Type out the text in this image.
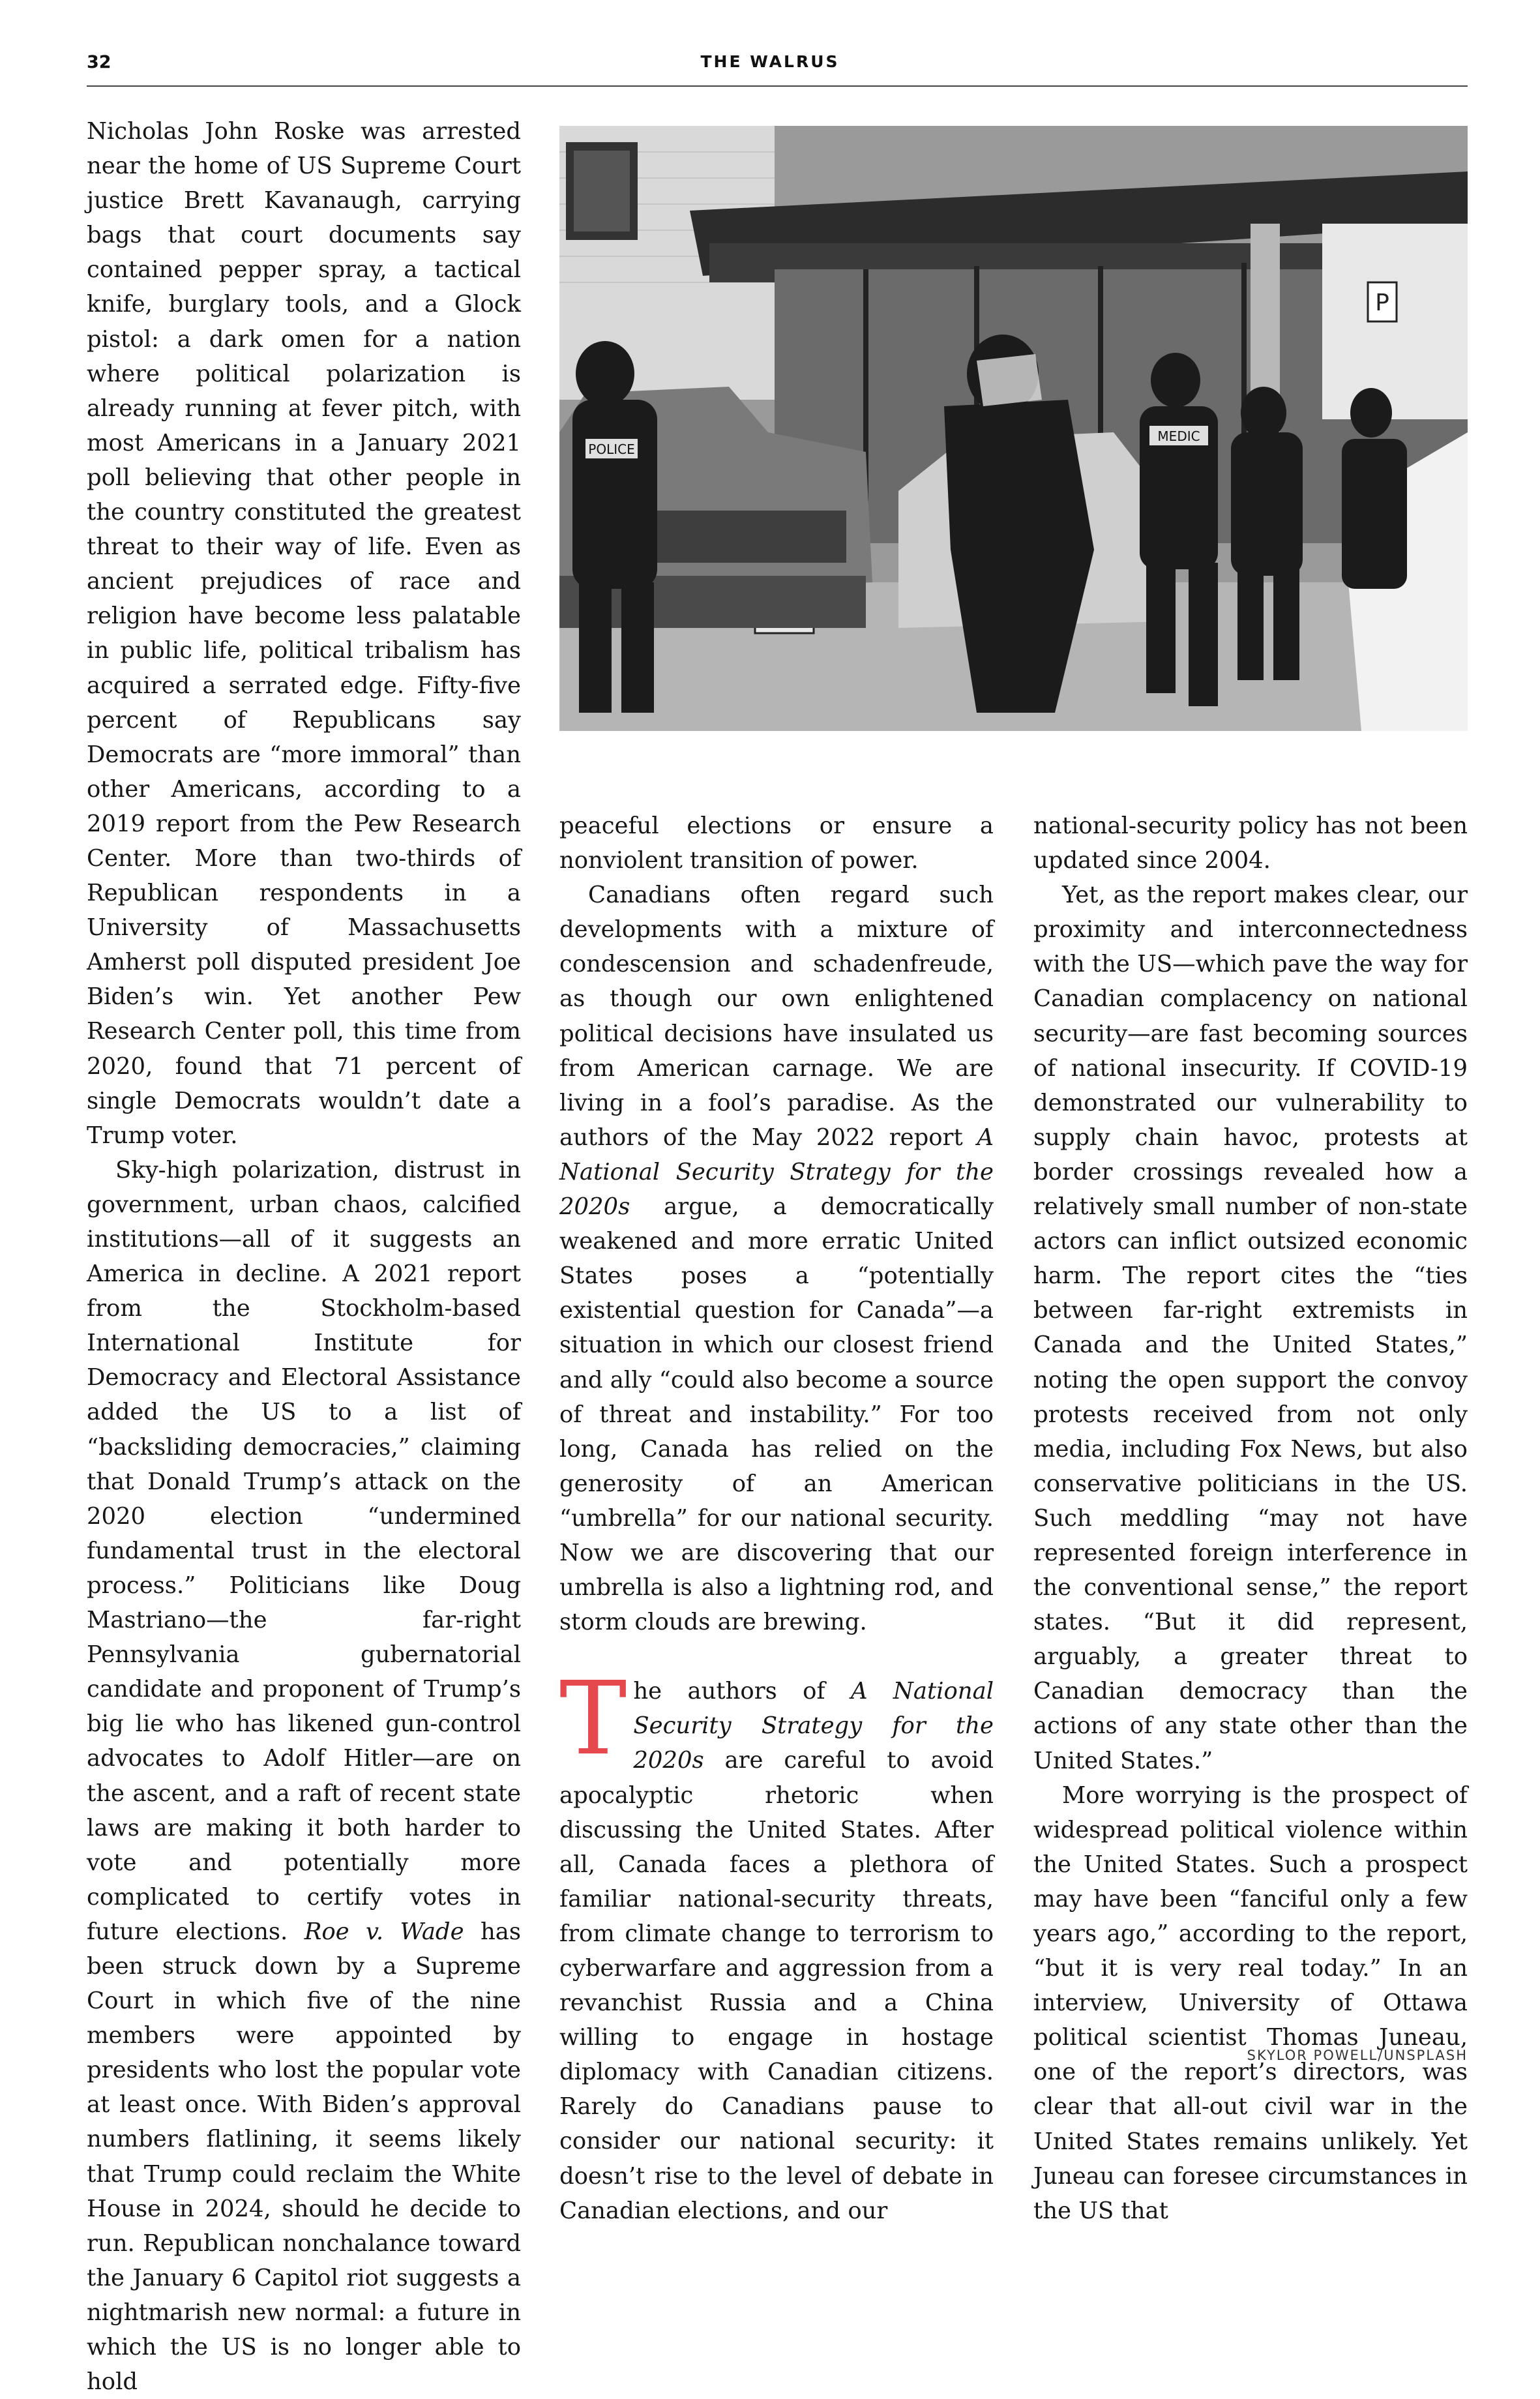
32	THE WALRUS
P
POLICE
MEDIC

Nicholas John Roske was arrested near the home of US Supreme Court justice Brett Kavanaugh, carrying bags that court documents say contained pepper spray, a tactical knife, burglary tools, and a Glock pistol: a dark omen for a nation where political polarization is already running at fever pitch, with most Americans in a January 2021 poll believing that other people in the country constituted the greatest threat to their way of life. Even as ancient prejudices of race and religion have become less palatable in public life, political tribalism has acquired a serrated edge. Fifty-five percent of Republicans say Democrats are “more immoral” than other Americans, according to a 2019 report from the Pew Research Center. More than two-thirds of Republican respondents in a University of Massachusetts Amherst poll disputed president Joe Biden’s win. Yet another Pew Research Center poll, this time from 2020, found that 71 percent of single Democrats wouldn’t date a Trump voter.

Sky-high polarization, distrust in government, urban chaos, calcified institutions—all of it suggests an America in decline. A 2021 report from the Stockholm-based International Institute for Democracy and Electoral Assistance added the US to a list of “backsliding democracies,” claiming that Donald Trump’s attack on the 2020 election “undermined fundamental trust in the electoral process.” Politicians like Doug Mastriano—the far-right Pennsylvania gubernatorial candidate and proponent of Trump’s big lie who has likened gun-control advocates to Adolf Hitler—are on the ascent, and a raft of recent state laws are making it both harder to vote and potentially more complicated to certify votes in future elections. Roe v. Wade has been struck down by a Supreme Court in which five of the nine members were appointed by presidents who lost the popular vote at least once. With Biden’s approval numbers flatlining, it seems likely that Trump could reclaim the White House in 2024, should he decide to run. Republican nonchalance toward the January 6 Capitol riot suggests a nightmarish new normal: a future in which the US is no longer able to hold

peaceful elections or ensure a nonviolent transition of power.

Canadians often regard such developments with a mixture of condescension and schadenfreude, as though our own enlightened political decisions have insulated us from American carnage. We are living in a fool’s paradise. As the authors of the May 2022 report A National Security Strategy for the 2020s argue, a democratically weakened and more erratic United States poses a “potentially existential question for Canada”—a situation in which our closest friend and ally “could also become a source of threat and instability.” For too long, Canada has relied on the generosity of an American “umbrella” for our national security. Now we are discovering that our umbrella is also a lightning rod, and storm clouds are brewing.

The authors of A National Security Strategy for the 2020s are careful to avoid apocalyptic rhetoric when discussing the United States. After all, Canada faces a plethora of familiar national-security threats, from climate change to terrorism to cyberwarfare and aggression from a revanchist Russia and a China willing to engage in hostage diplomacy with Canadian citizens. Rarely do Canadians pause to consider our national security: it doesn’t rise to the level of debate in Canadian elections, and our

national-security policy has not been updated since 2004.

Yet, as the report makes clear, our proximity and interconnectedness with the US—which pave the way for Canadian complacency on national security—are fast becoming sources of national insecurity. If COVID-19 demonstrated our vulnerability to supply chain havoc, protests at border crossings revealed how a relatively small number of non-state actors can inflict outsized economic harm. The report cites the “ties between far-right extremists in Canada and the United States,” noting the open support the convoy protests received from not only media, including Fox News, but also conservative politicians in the US. Such meddling “may not have represented foreign interference in the conventional sense,” the report states. “But it did represent, arguably, a greater threat to Canadian democracy than the actions of any state other than the United States.”

More worrying is the prospect of widespread political violence within the United States. Such a prospect may have been “fanciful only a few years ago,” according to the report, “but it is very real today.” In an interview, University of Ottawa political scientist Thomas Juneau, one of the report’s directors, was clear that all-out civil war in the United States remains unlikely. Yet Juneau can foresee circumstances in the US that

SKYLOR POWELL/UNSPLASH
